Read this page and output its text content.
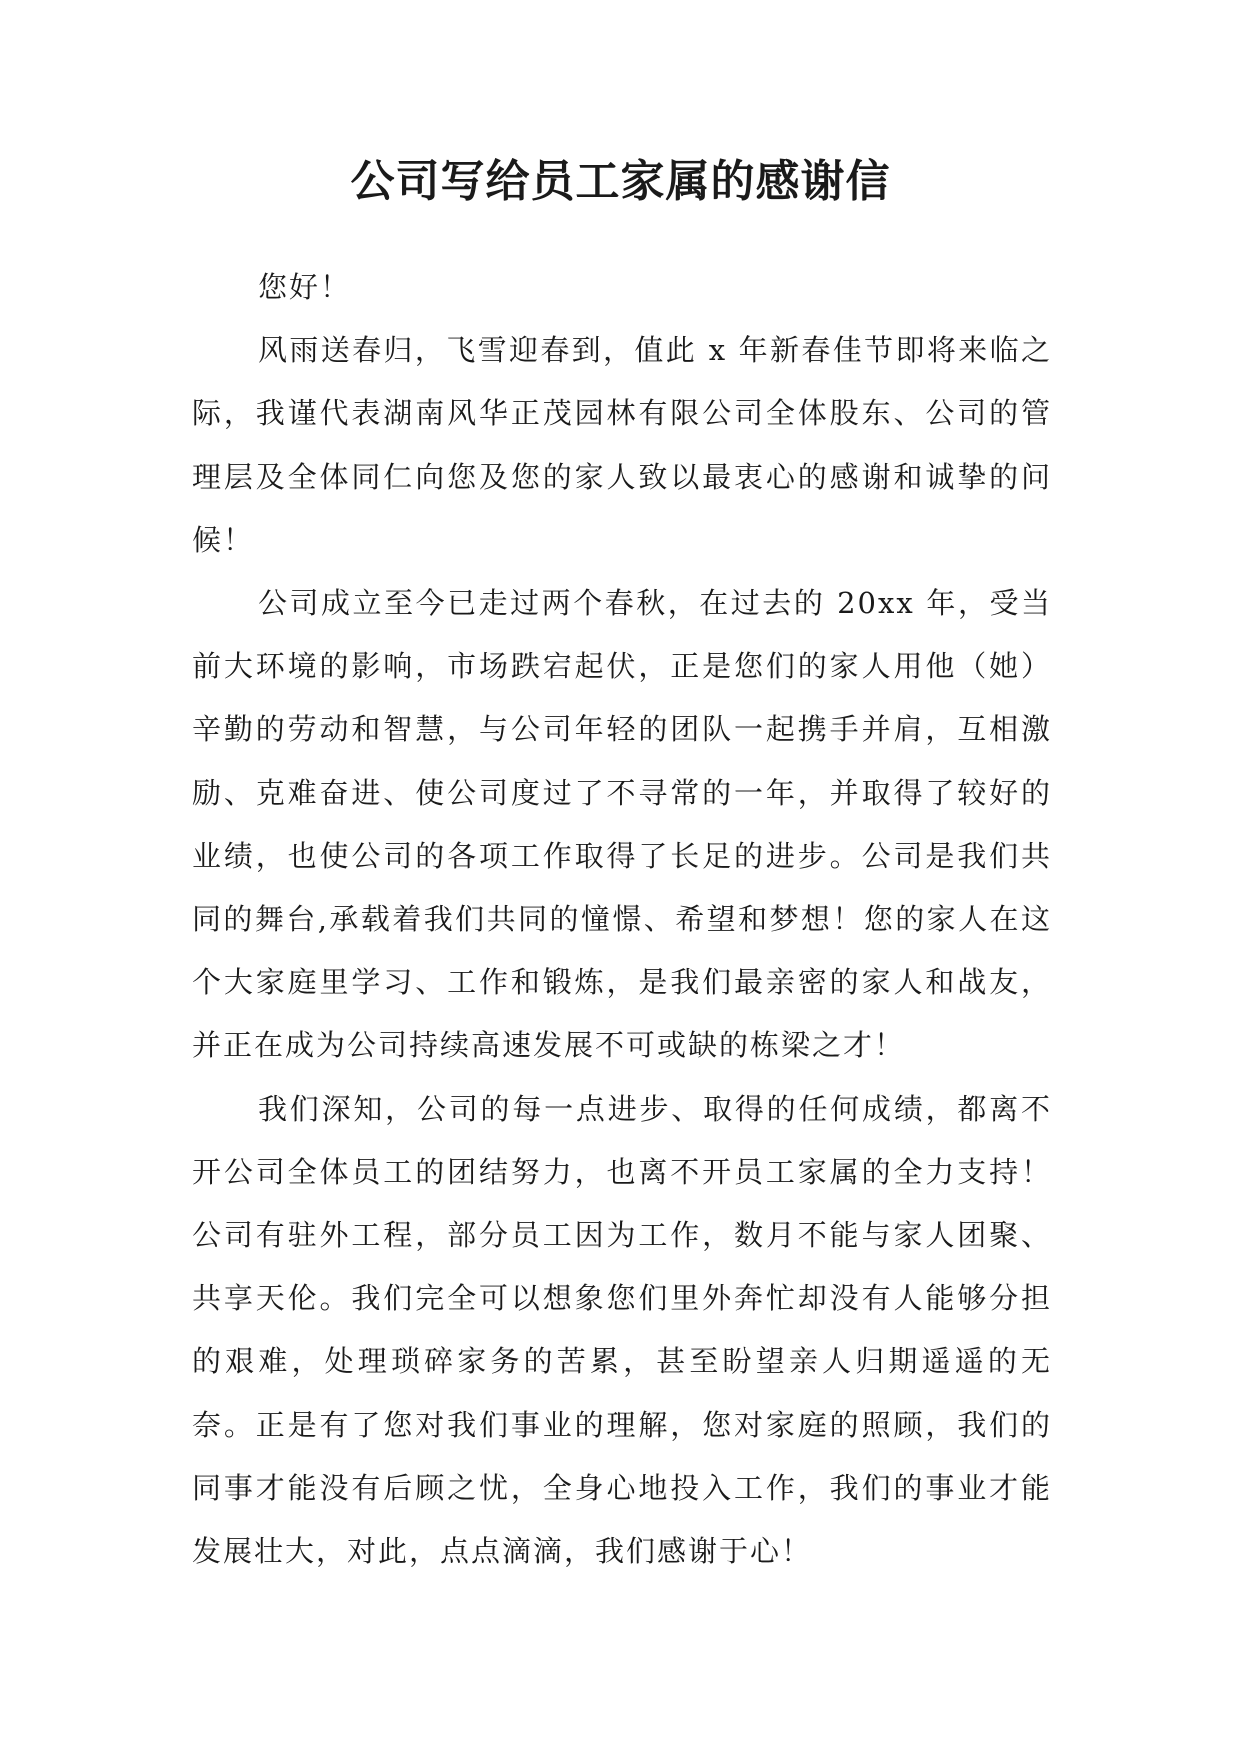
公司写给员工家属的感谢信

您好！

风雨送春归，飞雪迎春到，值此 x 年新春佳节即将来临之际，我谨代表湖南风华正茂园林有限公司全体股东、公司的管理层及全体同仁向您及您的家人致以最衷心的感谢和诚挚的问候！

公司成立至今已走过两个春秋，在过去的 20xx 年，受当前大环境的影响，市场跌宕起伏，正是您们的家人用他（她）辛勤的劳动和智慧，与公司年轻的团队一起携手并肩，互相激励、克难奋进、使公司度过了不寻常的一年，并取得了较好的业绩，也使公司的各项工作取得了长足的进步。公司是我们共同的舞台,承载着我们共同的憧憬、希望和梦想！您的家人在这个大家庭里学习、工作和锻炼，是我们最亲密的家人和战友，并正在成为公司持续高速发展不可或缺的栋梁之才！

我们深知，公司的每一点进步、取得的任何成绩，都离不开公司全体员工的团结努力，也离不开员工家属的全力支持！公司有驻外工程，部分员工因为工作，数月不能与家人团聚、共享天伦。我们完全可以想象您们里外奔忙却没有人能够分担的艰难，处理琐碎家务的苦累，甚至盼望亲人归期遥遥的无奈。正是有了您对我们事业的理解，您对家庭的照顾，我们的同事才能没有后顾之忧，全身心地投入工作，我们的事业才能发展壮大，对此，点点滴滴，我们感谢于心！
